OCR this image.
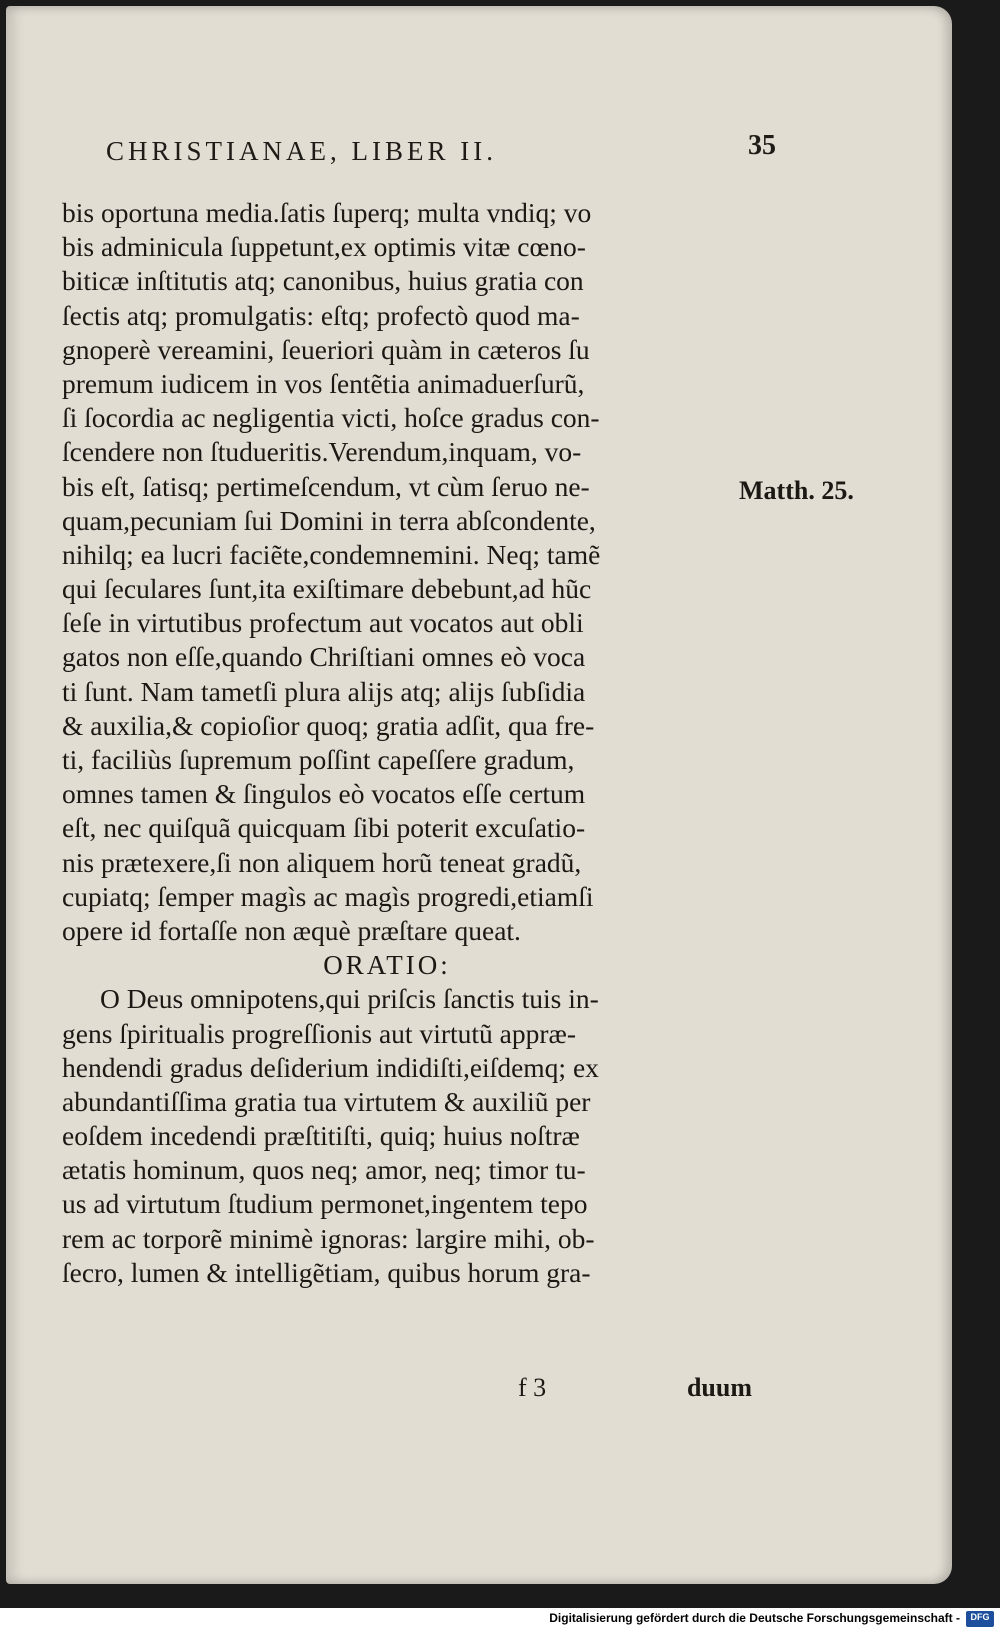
CHRISTIANAE, LIBER II.	35
bis oportuna media.ſatis ſuperq; multa vndiq; vo
bis adminicula ſuppetunt,ex optimis vitæ cœno-
biticæ inſtitutis atq; canonibus, huius gratia con
ſectis atq; promulgatis: eſtq; profectò quod ma-
gnoperè vereamini, ſeueriori quàm in cæteros ſu
premum iudicem in vos ſentẽtia animaduerſurũ,
ſi ſocordia ac negligentia victi, hoſce gradus con-
ſcendere non ſtudueritis.Verendum,inquam, vo-
bis eſt, ſatisq; pertimeſcendum, vt cùm ſeruo ne-
quam,pecuniam ſui Domini in terra abſcondente,
nihilq; ea lucri faciẽte,condemnemini. Neq; tamẽ
qui ſeculares ſunt,ita exiſtimare debebunt,ad hũc
ſeſe in virtutibus profectum aut vocatos aut obli
gatos non eſſe,quando Chriſtiani omnes eò voca
ti ſunt. Nam tametſi plura alijs atq; alijs ſubſidia
& auxilia,& copioſior quoq; gratia adſit, qua fre-
ti, faciliùs ſupremum poſſint capeſſere gradum,
omnes tamen & ſingulos eò vocatos eſſe certum
eſt, nec quiſquã quicquam ſibi poterit excuſatio-
nis prætexere,ſi non aliquem horũ teneat gradũ,
cupiatq; ſemper magìs ac magìs progredi,etiamſi
opere id fortaſſe non æquè præſtare queat.
ORATIO:
O Deus omnipotens,qui priſcis ſanctis tuis in-
gens ſpiritualis progreſſionis aut virtutũ appræ-
hendendi gradus deſiderium indidiſti,eiſdemq; ex
abundantiſſima gratia tua virtutem & auxiliũ per
eoſdem incedendi præſtitiſti, quiq; huius noſtræ
ætatis hominum, quos neq; amor, neq; timor tu-
us ad virtutum ſtudium permonet,ingentem tepo
rem ac torporẽ minimè ignoras: largire mihi, ob-
ſecro, lumen & intelligẽtiam, quibus horum gra-
Matth. 25.
f 3	duum
Digitalisierung gefördert durch die Deutsche Forschungsgemeinschaft -	DFG
